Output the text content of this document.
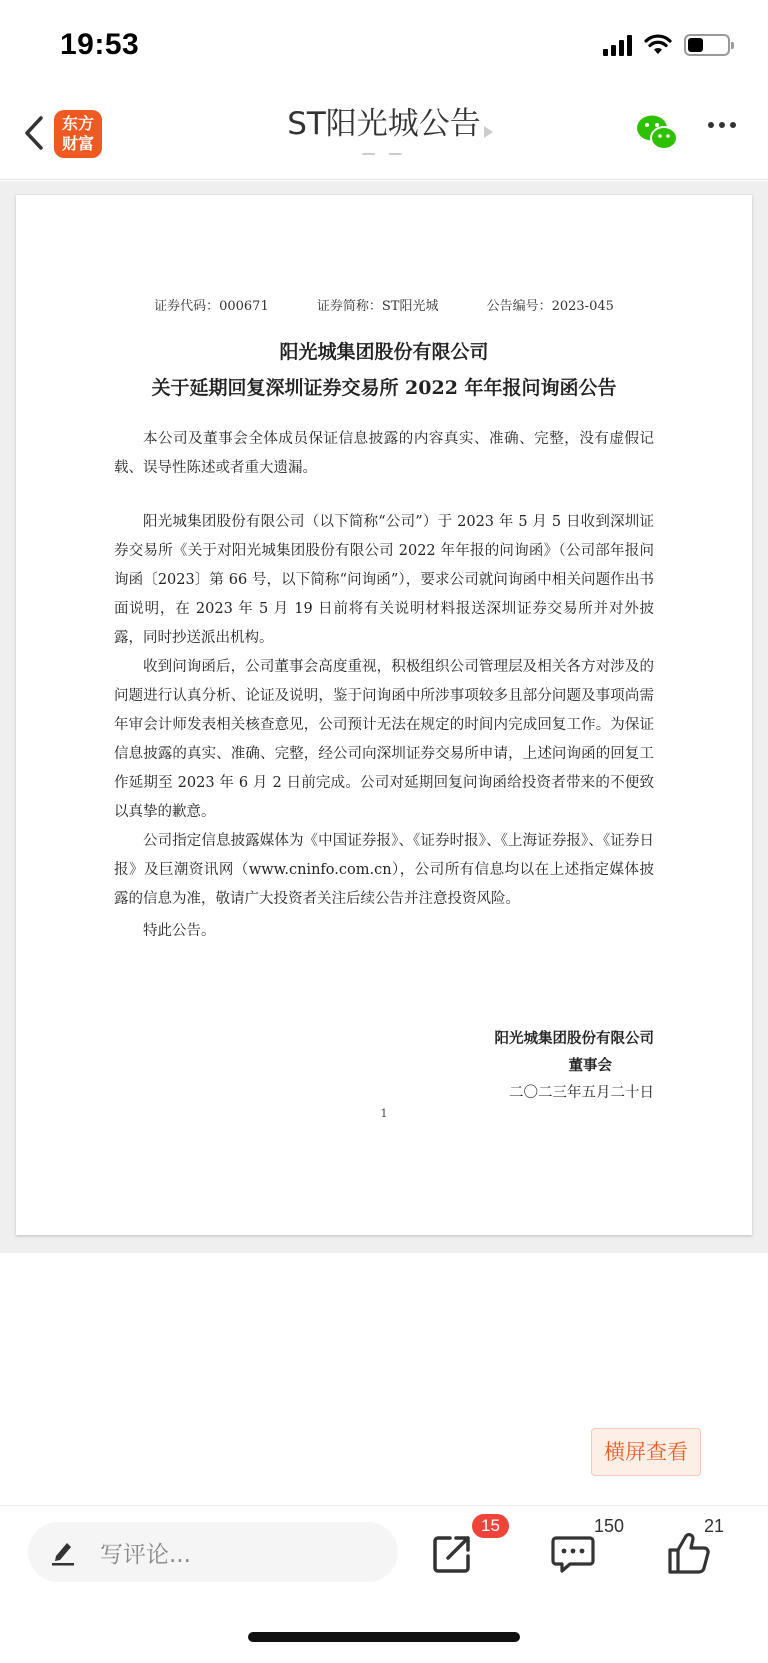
19:53
东方
财富
ST阳光城公告
— —
证券代码：000671	证券简称：ST阳光城	公告编号：2023-045
阳光城集团股份有限公司
关于延期回复深圳证券交易所 2022 年年报问询函公告

本公司及董事会全体成员保证信息披露的内容真实、准确、完整，没有虚假记载、误导性陈述或者重大遗漏。

阳光城集团股份有限公司（以下简称“公司”）于 2023 年 5 月 5 日收到深圳证券交易所《关于对阳光城集团股份有限公司 2022 年年报的问询函》（公司部年报问询函〔2023〕第 66 号，以下简称“问询函”），要求公司就问询函中相关问题作出书面说明，在 2023 年 5 月 19 日前将有关说明材料报送深圳证券交易所并对外披露，同时抄送派出机构。

收到问询函后，公司董事会高度重视，积极组织公司管理层及相关各方对涉及的问题进行认真分析、论证及说明，鉴于问询函中所涉事项较多且部分问题及事项尚需年审会计师发表相关核查意见，公司预计无法在规定的时间内完成回复工作。为保证信息披露的真实、准确、完整，经公司向深圳证券交易所申请，上述问询函的回复工作延期至 2023 年 6 月 2 日前完成。公司对延期回复问询函给投资者带来的不便致以真挚的歉意。

公司指定信息披露媒体为《中国证券报》、《证券时报》、《上海证券报》、《证券日报》及巨潮资讯网（www.cninfo.com.cn），公司所有信息均以在上述指定媒体披露的信息为准，敬请广大投资者关注后续公告并注意投资风险。

特此公告。

阳光城集团股份有限公司
董事会
二〇二三年五月二十日
1
横屏查看
写评论...
15	150	21
